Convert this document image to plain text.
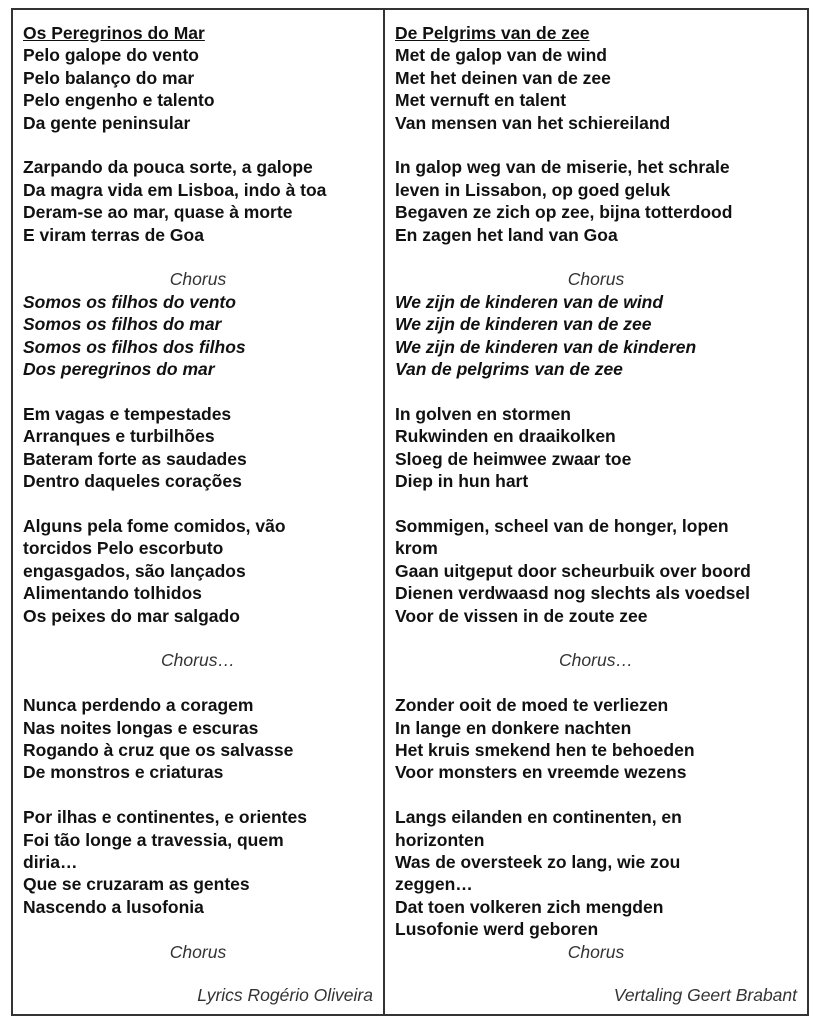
Os Peregrinos do Mar
Pelo galope do vento
Pelo balanço do mar
Pelo engenho e talento
Da gente peninsular
Zarpando da pouca sorte, a galope
Da magra vida em Lisboa, indo à toa
Deram-se ao mar, quase à morte
E viram terras de Goa
Chorus
Somos os filhos do vento
Somos os filhos do mar
Somos os filhos dos filhos
Dos peregrinos do mar
Em vagas e tempestades
Arranques e turbilhões
Bateram forte as saudades
Dentro daqueles corações
Alguns pela fome comidos, vão
torcidos Pelo escorbuto
engasgados, são lançados
Alimentando tolhidos
Os peixes do mar salgado
Chorus…
Nunca perdendo a coragem
Nas noites longas e escuras
Rogando à cruz que os salvasse
De monstros e criaturas
Por ilhas e continentes, e orientes
Foi tão longe a travessia, quem
diria…
Que se cruzaram as gentes
Nascendo a lusofonia
Chorus
Lyrics Rogério Oliveira
De Pelgrims van de zee
Met de galop van de wind
Met het deinen van de zee
Met vernuft en talent
Van mensen van het schiereiland
In galop weg van de miserie, het schrale
leven in Lissabon, op goed geluk
Begaven ze zich op zee, bijna totterdood
En zagen het land van Goa
Chorus
We zijn de kinderen van de wind
We zijn de kinderen van de zee
We zijn de kinderen van de kinderen
Van de pelgrims van de zee
In golven en stormen
Rukwinden en draaikolken
Sloeg de heimwee zwaar toe
Diep in hun hart
Sommigen, scheel van de honger, lopen
krom
Gaan uitgeput door scheurbuik over boord
Dienen verdwaasd nog slechts als voedsel
Voor de vissen in de zoute zee
Chorus…
Zonder ooit de moed te verliezen
In lange en donkere nachten
Het kruis smekend hen te behoeden
Voor monsters en vreemde wezens
Langs eilanden en continenten, en
horizonten
Was de oversteek zo lang, wie zou
zeggen…
Dat toen volkeren zich mengden
Lusofonie werd geboren
Chorus
Vertaling Geert Brabant
